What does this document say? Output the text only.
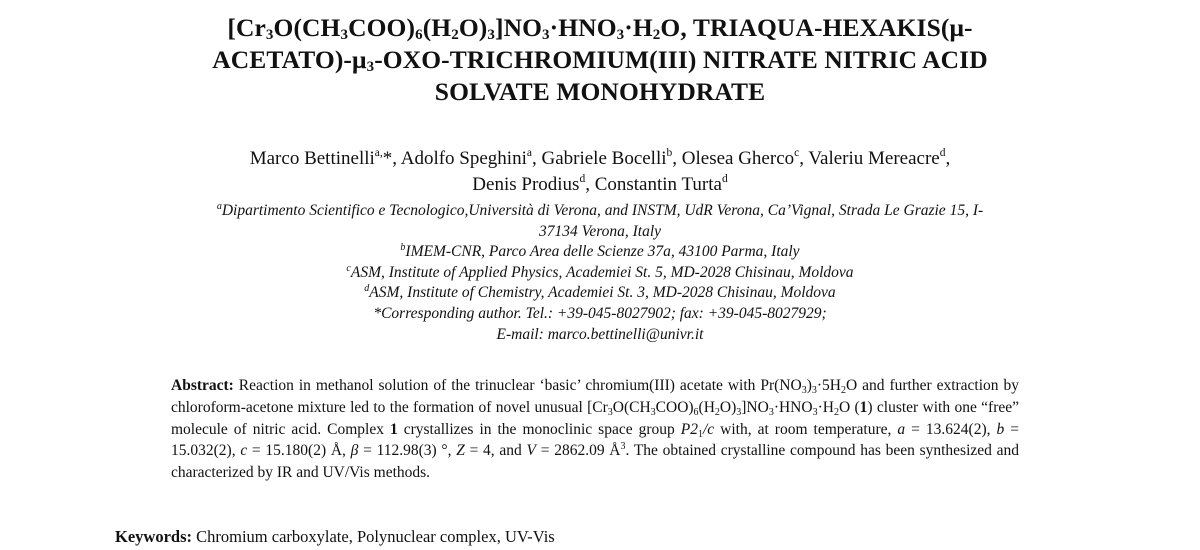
$[Cr_3O(CH_3COO)_6(H_2O)_3]NO_3\cdot HNO_3\cdot H_2O$, TRIAQUA-HEXAKIS(μ-
$ACETATO)-\mu_3-OXO-TRICHROMIUM(III)$ NITRATE NITRIC ACID
SOLVATE MONOHYDRATE

Marco Bettinelli$^{a,}$*, Adolfo Speghini$^a$, Gabriele Bocelli$^b$, Olesea Gherco$^c$, Valeriu Mereacre$^d$,
Denis Prodius$^d$, Constantin Turta$^d$

$^a$Dipartimento Scientifico e Tecnologico,Università di Verona, and INSTM, UdR Verona, Ca’Vignal, Strada Le Grazie 15, I-
37134 Verona, Italy
$^b$IMEM-CNR, Parco Area delle Scienze 37a, 43100 Parma, Italy
$^c$ASM, Institute of Applied Physics, Academiei St. 5, MD-2028 Chisinau, Moldova
$^d$ASM, Institute of Chemistry, Academiei St. 3, MD-2028 Chisinau, Moldova
*Corresponding author. Tel.: +39-045-8027902; fax: +39-045-8027929;
E-mail: marco.bettinelli@univr.it

Abstract: Reaction in methanol solution of the trinuclear ‘basic’ chromium(III) acetate with $Pr(NO_3)_3\cdot 5H_2O$ and further extraction by chloroform-acetone mixture led to the formation of novel unusual $[Cr_3O(CH_3COO)_6(H_2O)_3]NO_3\cdot HNO_3\cdot H_2O$ (1) cluster with one “free” molecule of nitric acid. Complex 1 crystallizes in the monoclinic space group $P2_1/c$ with, at room temperature, a = 13.624(2), b = 15.032(2), c = 15.180(2) Å, β = 112.98(3) °, Z = 4, and V = 2862.09 $Å^3$. The obtained crystalline compound has been synthesized and characterized by IR and UV/Vis methods.

Keywords: Chromium carboxylate, Polynuclear complex, UV-Vis
